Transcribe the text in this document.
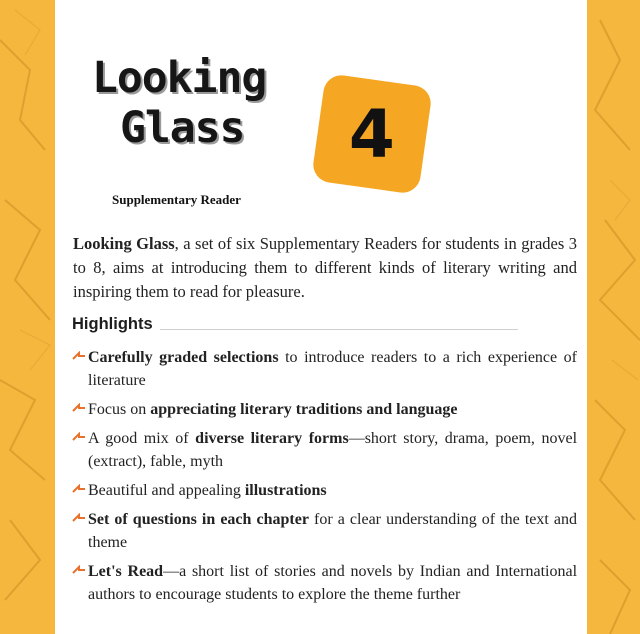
Looking
Glass
Supplementary Reader
4
Looking Glass, a set of six Supplementary Readers for students in grades 3 to 8, aims at introducing them to different kinds of literary writing and inspiring them to read for pleasure.
Highlights
Carefully graded selections to introduce readers to a rich experience of literature
Focus on appreciating literary traditions and language
A good mix of diverse literary forms—short story, drama, poem, novel (extract), fable, myth
Beautiful and appealing illustrations
Set of questions in each chapter for a clear understanding of the text and theme
Let's Read—a short list of stories and novels by Indian and International authors to encourage students to explore the theme further
